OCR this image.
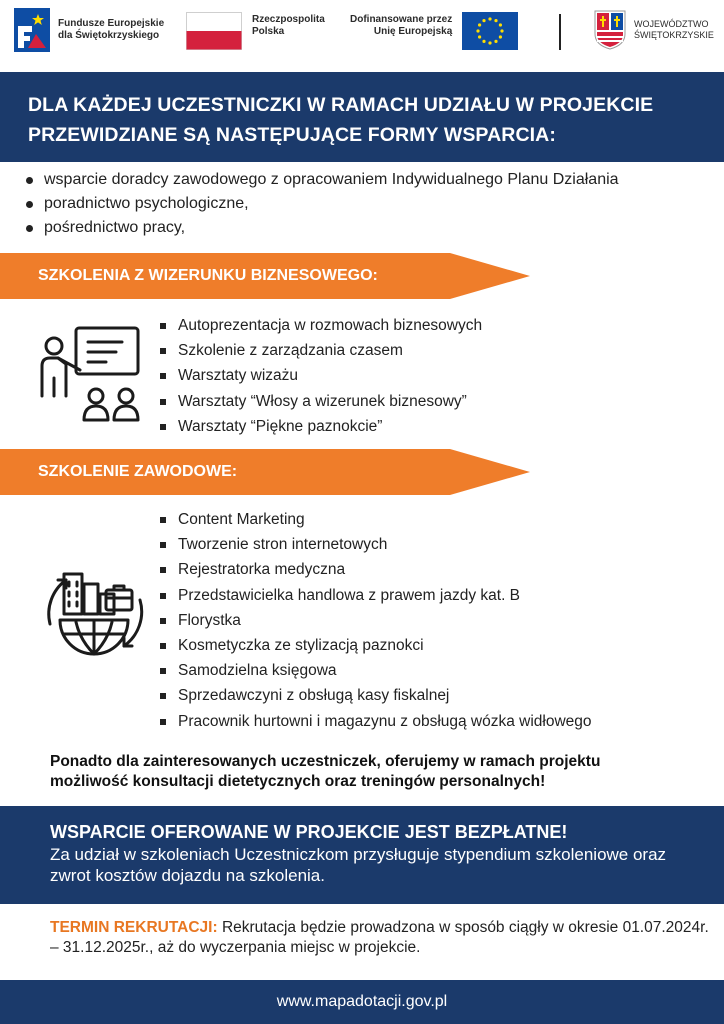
Fundusze Europejskie
dla Świętokrzyskiego
Rzeczpospolita
Polska
Dofinansowane przez
Unię Europejską
WOJEWÓDZTWO
ŚWIĘTOKRZYSKIE
DLA KAŻDEJ UCZESTNICZKI W RAMACH UDZIAŁU W PROJEKCIE
PRZEWIDZIANE SĄ NASTĘPUJĄCE FORMY WSPARCIA:
wsparcie doradcy zawodowego z opracowaniem Indywidualnego Planu Działania
poradnictwo psychologiczne,
pośrednictwo pracy,
SZKOLENIA Z WIZERUNKU BIZNESOWEGO:
Autoprezentacja w rozmowach biznesowych
Szkolenie z zarządzania czasem
Warsztaty wizażu
Warsztaty “Włosy a wizerunek biznesowy”
Warsztaty “Piękne paznokcie”
SZKOLENIE ZAWODOWE:
Content Marketing
Tworzenie stron internetowych
Rejestratorka medyczna
Przedstawicielka handlowa z prawem jazdy kat. B
Florystka
Kosmetyczka ze stylizacją paznokci
Samodzielna księgowa
Sprzedawczyni z obsługą kasy fiskalnej
Pracownik hurtowni i magazynu z obsługą wózka widłowego
Ponadto dla zainteresowanych uczestniczek, oferujemy w ramach projektu
możliwość konsultacji dietetycznych oraz treningów personalnych!
WSPARCIE OFEROWANE W PROJEKCIE JEST BEZPŁATNE!
Za udział w szkoleniach Uczestniczkom przysługuje stypendium szkoleniowe oraz zwrot kosztów dojazdu na szkolenia.
TERMIN REKRUTACJI: Rekrutacja będzie prowadzona w sposób ciągły w okresie 01.07.2024r. – 31.12.2025r., aż do wyczerpania miejsc w projekcie.
www.mapadotacji.gov.pl
